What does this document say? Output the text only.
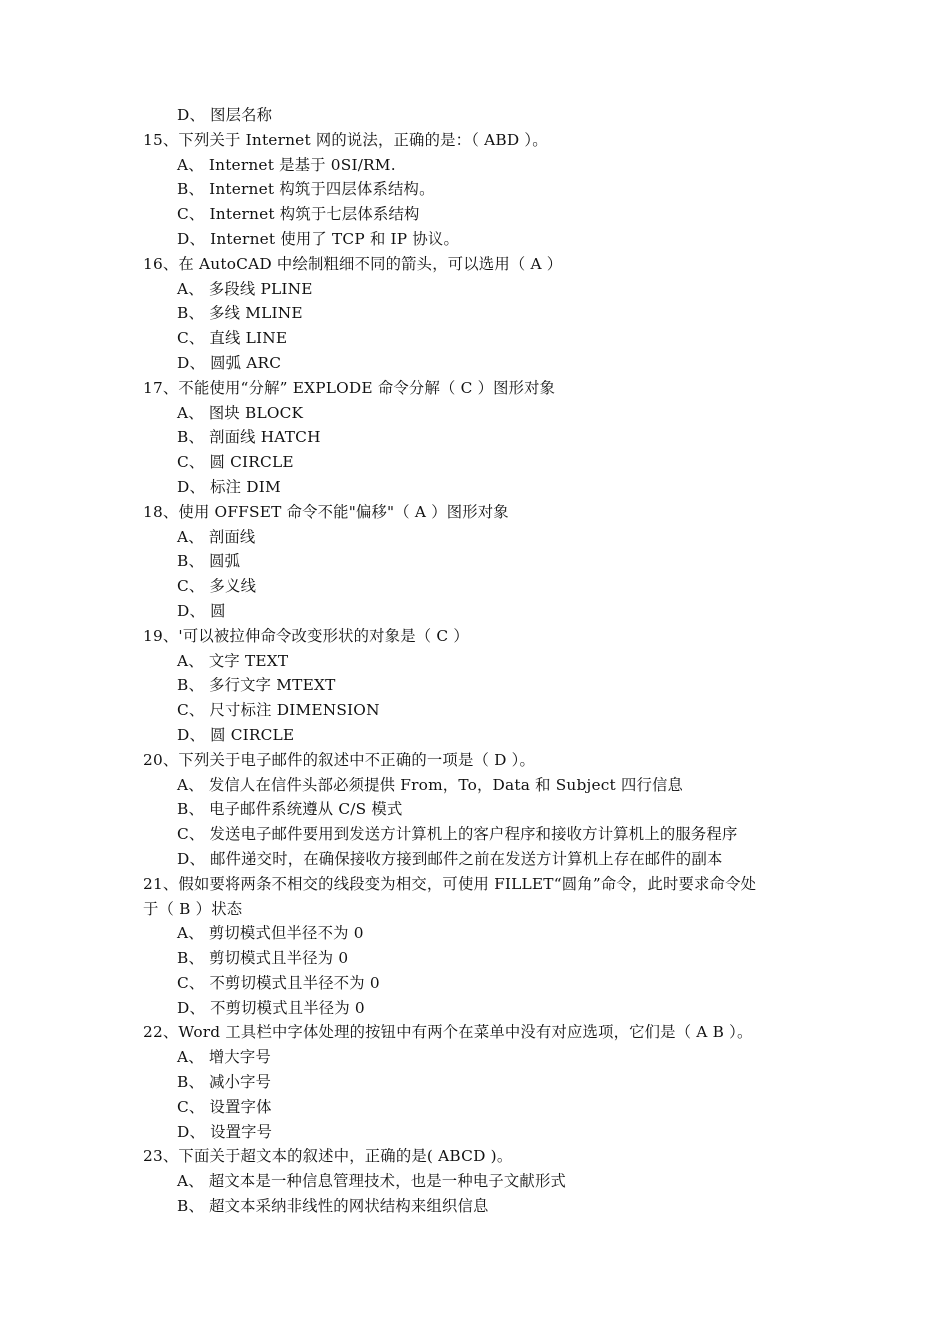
D、 图层名称
15、下列关于 Internet 网的说法，正确的是：（ ABD ）。
A、 Internet 是基于 0SI/RM.
B、 Internet 构筑于四层体系结构。
C、 Internet 构筑于七层体系结构
D、 Internet 使用了 TCP 和 IP 协议。
16、在 AutoCAD 中绘制粗细不同的箭头，可以选用（ A ）
A、 多段线 PLINE
B、 多线 MLINE
C、 直线 LINE
D、 圆弧 ARC
17、不能使用“分解” EXPLODE 命令分解（ C ）图形对象
A、 图块 BLOCK
B、 剖面线 HATCH
C、 圆 CIRCLE
D、 标注 DIM
18、使用 OFFSET 命令不能"偏移"（ A ）图形对象
A、 剖面线
B、 圆弧
C、 多义线
D、 圆
19、'可以被拉伸命令改变形状的对象是（ C ）
A、 文字 TEXT
B、 多行文字 MTEXT
C、 尺寸标注 DIMENSION
D、 圆 CIRCLE
20、下列关于电子邮件的叙述中不正确的一项是（ D ）。
A、 发信人在信件头部必须提供 From，To，Data 和 Subject 四行信息
B、 电子邮件系统遵从 C/S 模式
C、 发送电子邮件要用到发送方计算机上的客户程序和接收方计算机上的服务程序
D、 邮件递交时，在确保接收方接到邮件之前在发送方计算机上存在邮件的副本
21、假如要将两条不相交的线段变为相交，可使用 FILLET“圆角”命令，此时要求命令处
于（ B ）状态
A、 剪切模式但半径不为 0
B、 剪切模式且半径为 0
C、 不剪切模式且半径不为 0
D、 不剪切模式且半径为 0
22、Word 工具栏中字体处理的按钮中有两个在菜单中没有对应选项，它们是（ A B ）。
A、 增大字号
B、 减小字号
C、 设置字体
D、 设置字号
23、下面关于超文本的叙述中，正确的是( ABCD )。
A、 超文本是一种信息管理技术，也是一种电子文献形式
B、 超文本采纳非线性的网状结构来组织信息
